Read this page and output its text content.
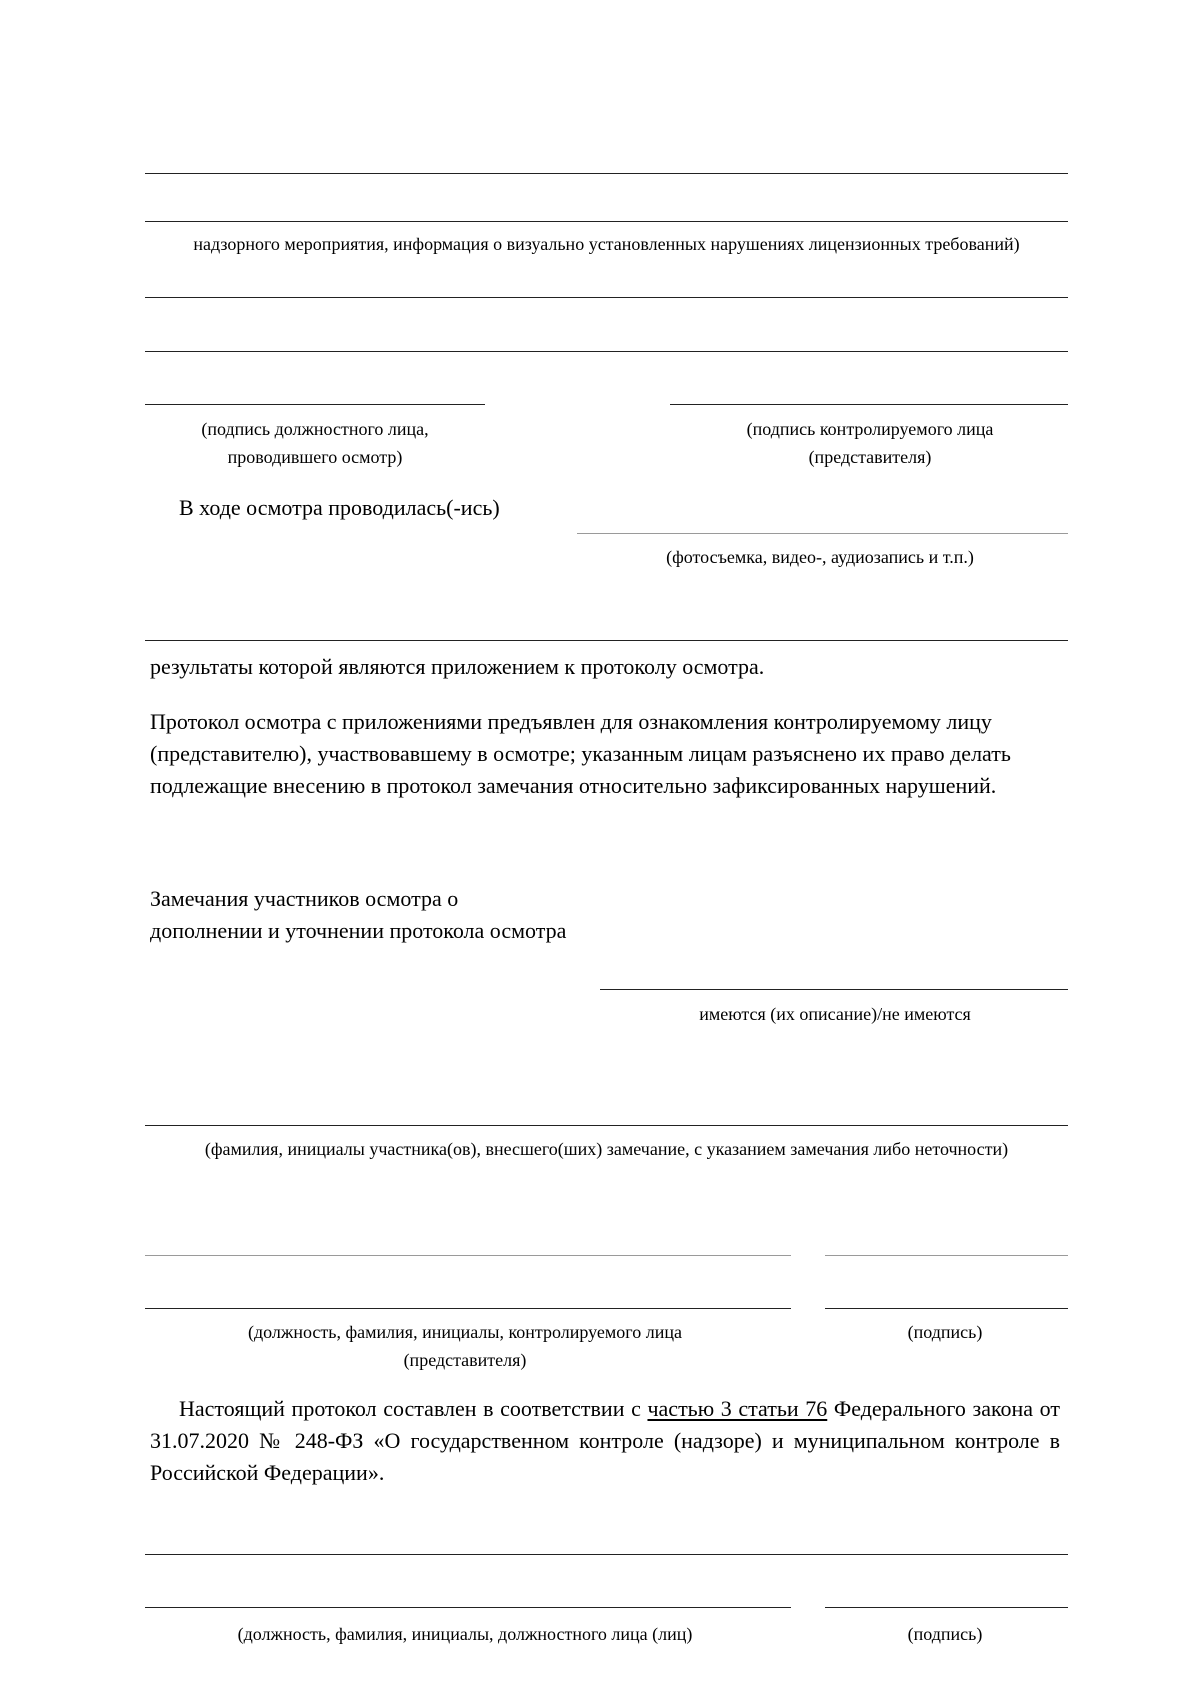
надзорного мероприятия, информация о визуально установленных нарушениях лицензионных требований)

(подпись должностного лица, проводившего осмотр)

(подпись контролируемого лица (представителя)

В ходе осмотра проводилась(-ись)

(фотосъемка, видео-, аудиозапись и т.п.)

результаты которой являются приложением к протоколу осмотра.

Протокол осмотра с приложениями предъявлен для ознакомления контролируемому лицу (представителю), участвовавшему в осмотре; указанным лицам разъяснено их право делать подлежащие внесению в протокол замечания относительно зафиксированных нарушений.

Замечания участников осмотра о дополнении и уточнении протокола осмотра

имеются (их описание)/не имеются

(фамилия, инициалы участника(ов), внесшего(ших) замечание, с указанием замечания либо неточности)

(должность, фамилия, инициалы, контролируемого лица (представителя)

(подпись)

Настоящий протокол составлен в соответствии с частью 3 статьи 76 Федерального закона от 31.07.2020 № 248-ФЗ «О государственном контроле (надзоре) и муниципальном контроле в Российской Федерации».

(должность, фамилия, инициалы, должностного лица (лиц)	(подпись)
